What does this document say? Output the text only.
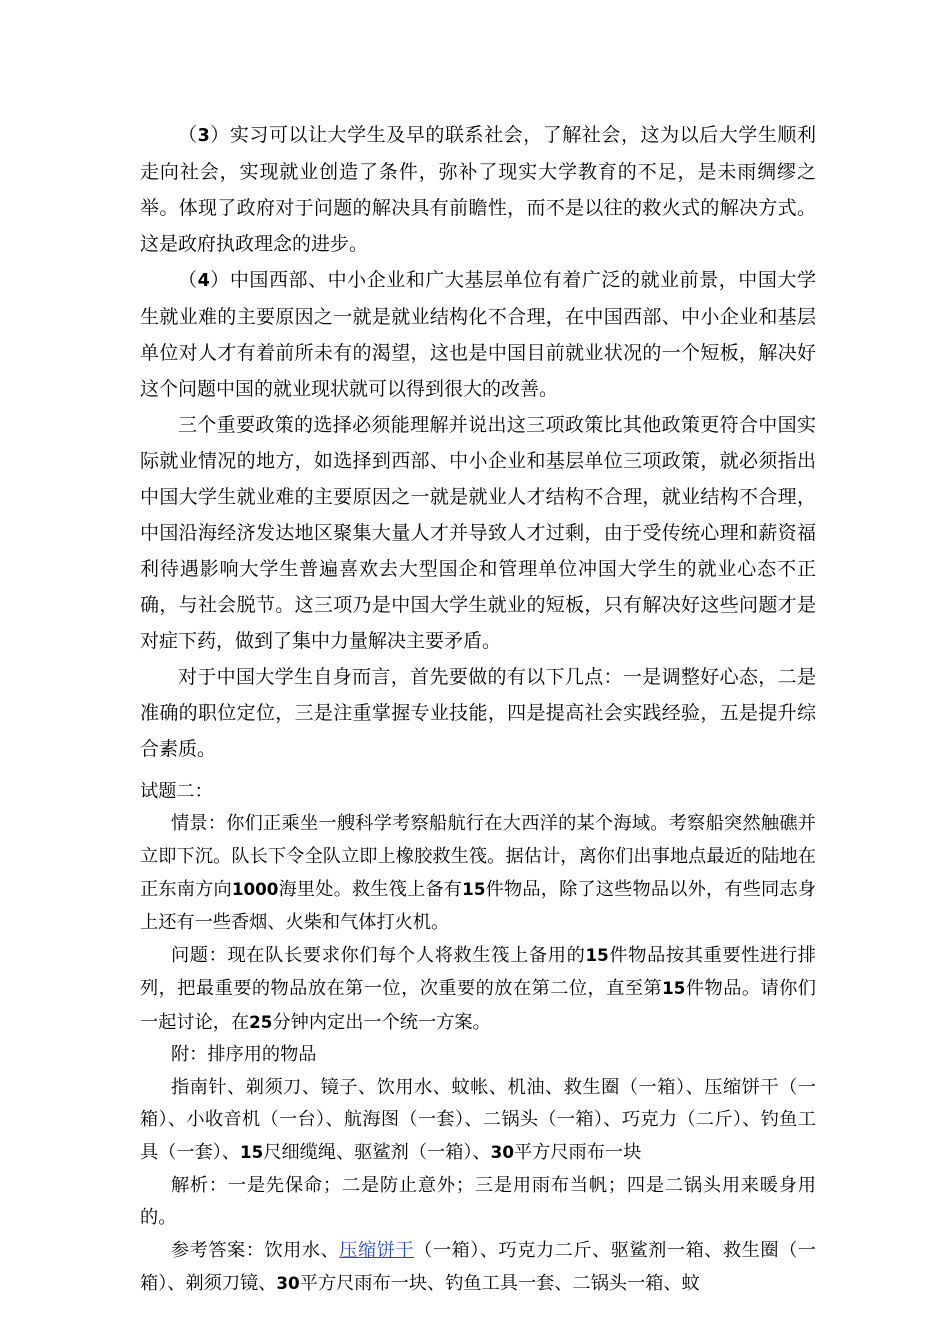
（3）实习可以让大学生及早的联系社会，了解社会，这为以后大学生顺利走向社会，实现就业创造了条件，弥补了现实大学教育的不足，是未雨绸缪之举。体现了政府对于问题的解决具有前瞻性，而不是以往的救火式的解决方式。这是政府执政理念的进步。

（4）中国西部、中小企业和广大基层单位有着广泛的就业前景，中国大学生就业难的主要原因之一就是就业结构化不合理，在中国西部、中小企业和基层单位对人才有着前所未有的渴望，这也是中国目前就业状况的一个短板，解决好这个问题中国的就业现状就可以得到很大的改善。

三个重要政策的选择必须能理解并说出这三项政策比其他政策更符合中国实际就业情况的地方，如选择到西部、中小企业和基层单位三项政策，就必须指出中国大学生就业难的主要原因之一就是就业人才结构不合理，就业结构不合理，中国沿海经济发达地区聚集大量人才并导致人才过剩，由于受传统心理和薪资福利待遇影响大学生普遍喜欢去大型国企和管理单位冲国大学生的就业心态不正确，与社会脱节。这三项乃是中国大学生就业的短板，只有解决好这些问题才是对症下药，做到了集中力量解决主要矛盾。

对于中国大学生自身而言，首先要做的有以下几点：一是调整好心态，二是准确的职位定位，三是注重掌握专业技能，四是提高社会实践经验，五是提升综合素质。

试题二：

情景：你们正乘坐一艘科学考察船航行在大西洋的某个海域。考察船突然触礁并立即下沉。队长下令全队立即上橡胶救生筏。据估计，离你们出事地点最近的陆地在正东南方向1000海里处。救生筏上备有15件物品，除了这些物品以外，有些同志身上还有一些香烟、火柴和气体打火机。

问题：现在队长要求你们每个人将救生筏上备用的15件物品按其重要性进行排列，把最重要的物品放在第一位，次重要的放在第二位，直至第15件物品。请你们一起讨论，在25分钟内定出一个统一方案。

附：排序用的物品

指南针、剃须刀、镜子、饮用水、蚊帐、机油、救生圈（一箱）、压缩饼干（一箱）、小收音机（一台）、航海图（一套）、二锅头（一箱）、巧克力（二斤）、钓鱼工具（一套）、15尺细缆绳、驱鲨剂（一箱）、30平方尺雨布一块

解析：一是先保命；二是防止意外；三是用雨布当帆；四是二锅头用来暖身用的。

参考答案：饮用水、压缩饼干（一箱）、巧克力二斤、驱鲨剂一箱、救生圈（一箱）、剃须刀镜、30平方尺雨布一块、钓鱼工具一套、二锅头一箱、蚊
